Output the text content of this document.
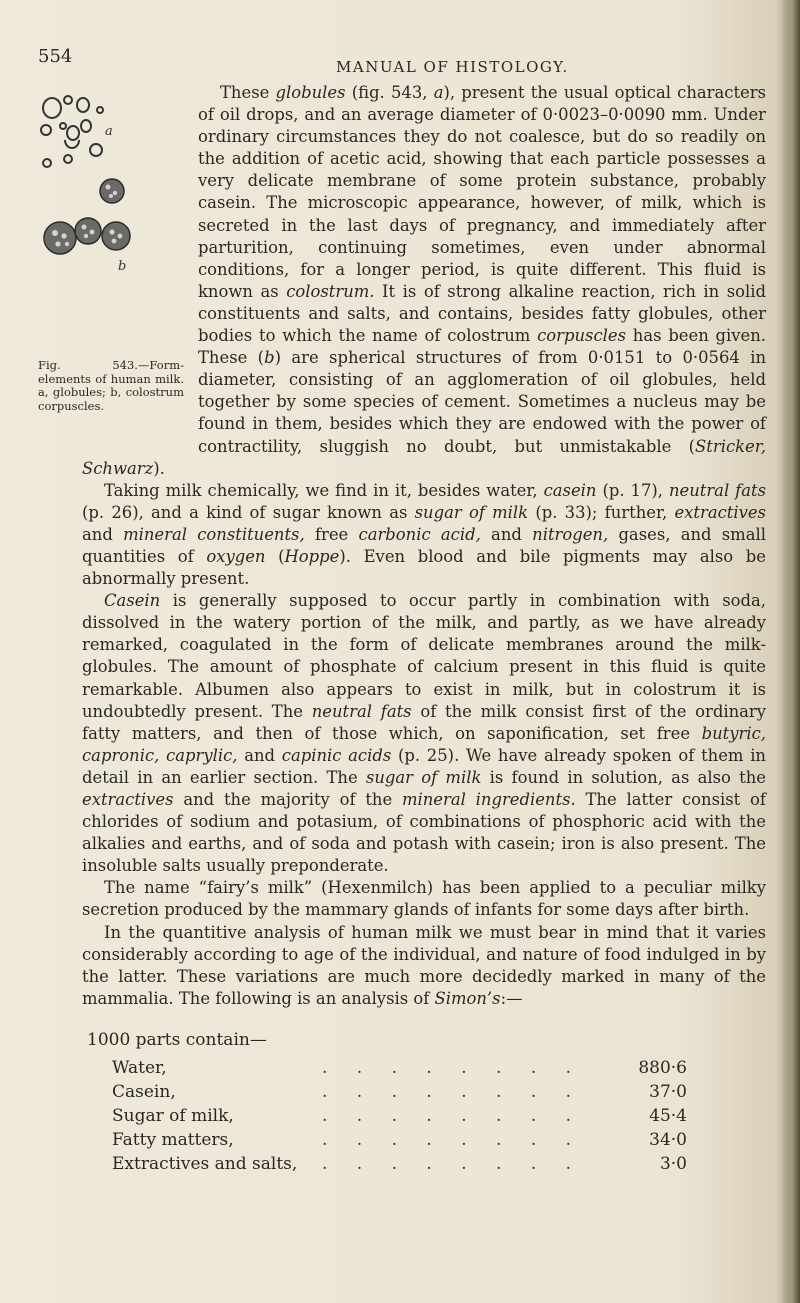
554	MANUAL OF HISTOLOGY.

a
b
Fig. 543.—Form-elements of human milk. a, globules; b, colostrum corpuscles.
These globules (fig. 543, a), present the usual optical characters of oil drops, and an average diameter of 0·0023–0·0090 mm. Under ordinary circumstances they do not coalesce, but do so readily on the addition of acetic acid, showing that each particle possesses a very delicate membrane of some protein substance, probably casein. The microscopic appearance, however, of milk, which is secreted in the last days of pregnancy, and immediately after parturition, continuing sometimes, even under abnormal conditions, for a longer period, is quite different. This fluid is known as colostrum. It is of strong alkaline reaction, rich in solid constituents and salts, and contains, besides fatty globules, other bodies to which the name of colostrum corpuscles has been given. These (b) are spherical structures of from 0·0151 to 0·0564 in diameter, consisting of an agglomeration of oil globules, held together by some species of cement. Sometimes a nucleus may be found in them, besides which they are endowed with the power of contractility, sluggish no doubt, but unmistakable (Stricker, Schwarz).

Taking milk chemically, we find in it, besides water, casein (p. 17), neutral fats (p. 26), and a kind of sugar known as sugar of milk (p. 33); further, extractives and mineral constituents, free carbonic acid, and nitrogen, gases, and small quantities of oxygen (Hoppe). Even blood and bile pigments may also be abnormally present.

Casein is generally supposed to occur partly in combination with soda, dissolved in the watery portion of the milk, and partly, as we have already remarked, coagulated in the form of delicate membranes around the milk-globules. The amount of phosphate of calcium present in this fluid is quite remarkable. Albumen also appears to exist in milk, but in colostrum it is undoubtedly present. The neutral fats of the milk consist first of the ordinary fatty matters, and then of those which, on saponification, set free butyric, capronic, caprylic, and capinic acids (p. 25). We have already spoken of them in detail in an earlier section. The sugar of milk is found in solution, as also the extractives and the majority of the mineral ingredients. The latter consist of chlorides of sodium and potasium, of combinations of phosphoric acid with the alkalies and earths, and of soda and potash with casein; iron is also present. The insoluble salts usually preponderate.

The name “fairy’s milk” (Hexenmilch) has been applied to a peculiar milky secretion produced by the mammary glands of infants for some days after birth.

In the quantitive analysis of human milk we must bear in mind that it varies considerably according to age of the individual, and nature of food indulged in by the latter. These variations are much more decidedly marked in many of the mammalia. The following is an analysis of Simon’s:—

1000 parts contain—
Water,	. . . . . . . .	880·6
Casein,	. . . . . . . .	37·0
Sugar of milk,	. . . . . . . .	45·4
Fatty matters,	. . . . . . . .	34·0
Extractives and salts, . . . . . . . .	3·0
